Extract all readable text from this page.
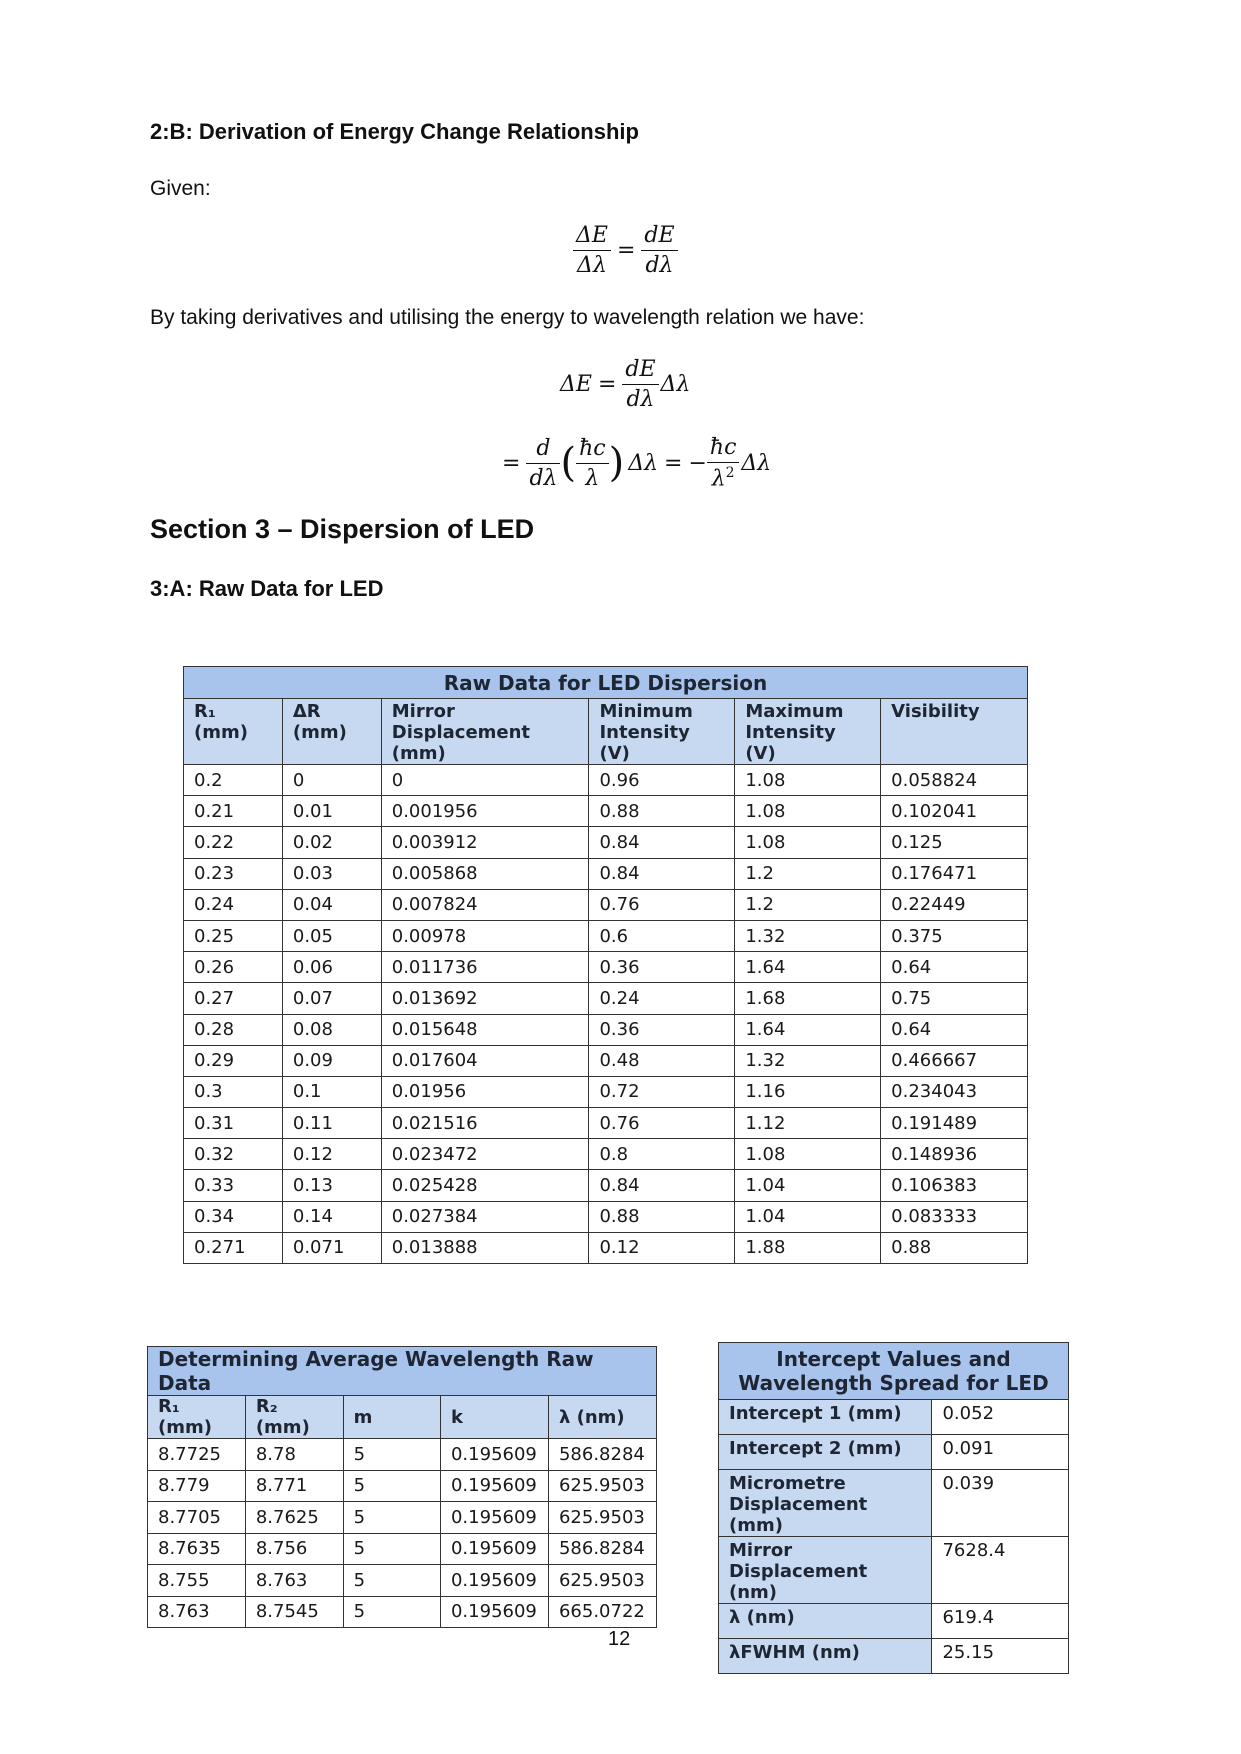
2:B: Derivation of Energy Change Relationship
Given:
$\frac{\Delta E}{\Delta\lambda} = \frac{dE}{d\lambda}$
By taking derivatives and utilising the energy to wavelength relation we have:
$\Delta E = \frac{dE}{d\lambda}$ Δλ
= $\frac{d}{d\lambda}$ ( $\frac{ħc}{\lambda}$ ) Δλ = − $\frac{ħc}{\lambda^2}$ Δλ
Section 3 – Dispersion of LED
3:A: Raw Data for LED
Raw Data for LED Dispersion					
R₁ (mm)	ΔR (mm)	Mirror Displacement (mm)	Minimum Intensity (V)	Maximum Intensity (V)	Visibility
0.2	0	0	0.96	1.08	0.058824
0.21	0.01	0.001956	0.88	1.08	0.102041
0.22	0.02	0.003912	0.84	1.08	0.125
0.23	0.03	0.005868	0.84	1.2	0.176471
0.24	0.04	0.007824	0.76	1.2	0.22449
0.25	0.05	0.00978	0.6	1.32	0.375
0.26	0.06	0.011736	0.36	1.64	0.64
0.27	0.07	0.013692	0.24	1.68	0.75
0.28	0.08	0.015648	0.36	1.64	0.64
0.29	0.09	0.017604	0.48	1.32	0.466667
0.3	0.1	0.01956	0.72	1.16	0.234043
0.31	0.11	0.021516	0.76	1.12	0.191489
0.32	0.12	0.023472	0.8	1.08	0.148936
0.33	0.13	0.025428	0.84	1.04	0.106383
0.34	0.14	0.027384	0.88	1.04	0.083333
0.271	0.071	0.013888	0.12	1.88	0.88
Determining Average Wavelength Raw Data				
R₁ (mm)	R₂ (mm)	m	k	λ (nm)
8.7725	8.78	5	0.195609	586.8284
8.779	8.771	5	0.195609	625.9503
8.7705	8.7625	5	0.195609	625.9503
8.7635	8.756	5	0.195609	586.8284
8.755	8.763	5	0.195609	625.9503
8.763	8.7545	5	0.195609	665.0722
Intercept Values and Wavelength Spread for LED	
Intercept 1 (mm)	0.052
Intercept 2 (mm)	0.091
Micrometre Displacement (mm)	0.039
Mirror Displacement (nm)	7628.4
λ (nm)	619.4
λFWHM (nm)	25.15
12
